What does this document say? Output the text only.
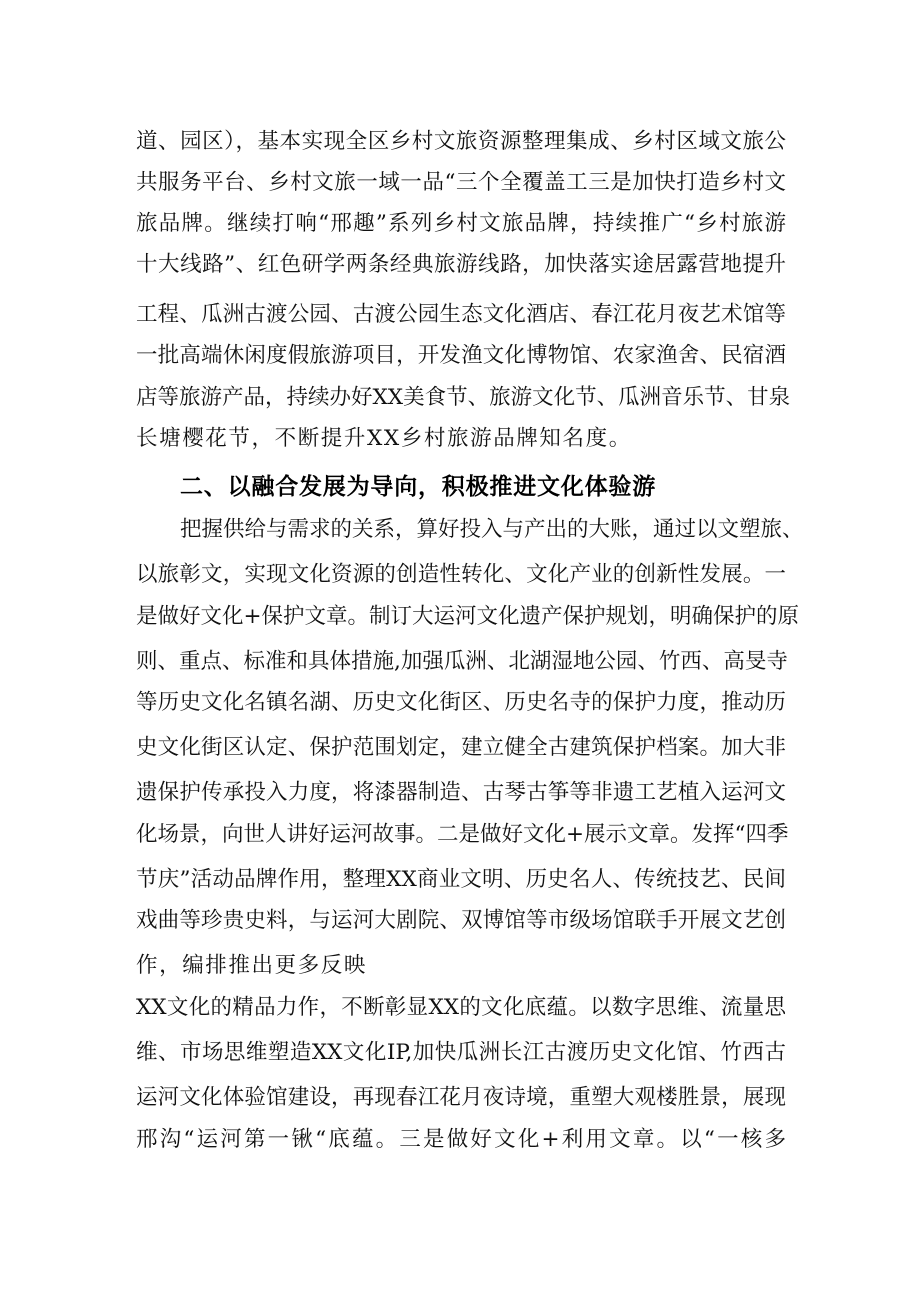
道、园区），基本实现全区乡村文旅资源整理集成、乡村区域文旅公
共服务平台、乡村文旅一域一品“三个全覆盖工三是加快打造乡村文
旅品牌。继续打响“邢趣”系列乡村文旅品牌，持续推广“乡村旅游
十大线路”、红色研学两条经典旅游线路，加快落实途居露营地提升
工程、瓜洲古渡公园、古渡公园生态文化酒店、春江花月夜艺术馆等
一批高端休闲度假旅游项目，开发渔文化博物馆、农家渔舍、民宿酒
店等旅游产品，持续办好XX美食节、旅游文化节、瓜洲音乐节、甘泉
长塘樱花节，不断提升XX乡村旅游品牌知名度。
二、以融合发展为导向，积极推进文化体验游
把握供给与需求的关系，算好投入与产出的大账，通过以文塑旅、
以旅彰文，实现文化资源的创造性转化、文化产业的创新性发展。一
是做好文化+保护文章。制订大运河文化遗产保护规划，明确保护的原
则、重点、标准和具体措施,加强瓜洲、北湖湿地公园、竹西、高旻寺
等历史文化名镇名湖、历史文化街区、历史名寺的保护力度，推动历
史文化街区认定、保护范围划定，建立健全古建筑保护档案。加大非
遗保护传承投入力度，将漆器制造、古琴古筝等非遗工艺植入运河文
化场景，向世人讲好运河故事。二是做好文化+展示文章。发挥“四季
节庆”活动品牌作用，整理XX商业文明、历史名人、传统技艺、民间
戏曲等珍贵史料，与运河大剧院、双博馆等市级场馆联手开展文艺创
作，编排推出更多反映
XX文化的精品力作，不断彰显XX的文化底蕴。以数字思维、流量思
维、市场思维塑造XX文化IP,加快瓜洲长江古渡历史文化馆、竹西古
运河文化体验馆建设，再现春江花月夜诗境，重塑大观楼胜景，展现
邢沟“运河第一锹“底蕴。三是做好文化+利用文章。以“一核多
